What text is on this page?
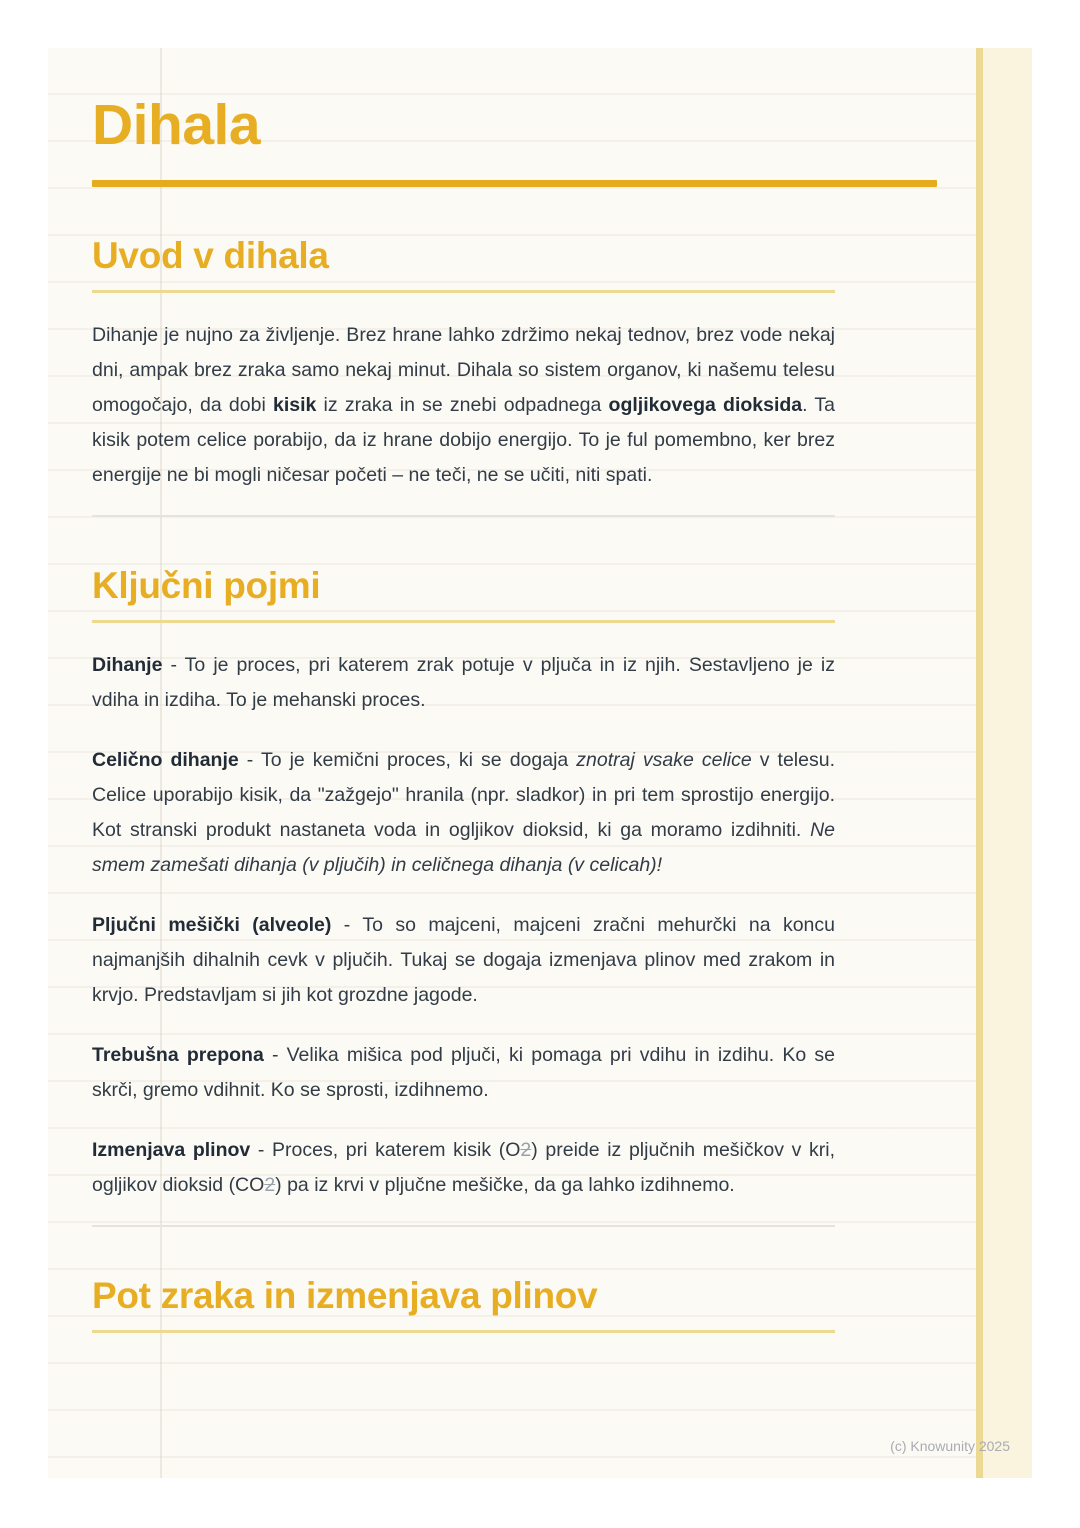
Dihala
Uvod v dihala

Dihanje je nujno za življenje. Brez hrane lahko zdržimo nekaj tednov, brez vode nekaj dni, ampak brez zraka samo nekaj minut. Dihala so sistem organov, ki našemu telesu omogočajo, da dobi kisik iz zraka in se znebi odpadnega ogljikovega dioksida. Ta kisik potem celice porabijo, da iz hrane dobijo energijo. To je ful pomembno, ker brez energije ne bi mogli ničesar početi – ne teči, ne se učiti, niti spati.

Ključni pojmi

Dihanje - To je proces, pri katerem zrak potuje v pljuča in iz njih. Sestavljeno je iz vdiha in izdiha. To je mehanski proces.

Celično dihanje - To je kemični proces, ki se dogaja znotraj vsake celice v telesu. Celice uporabijo kisik, da "zažgejo" hranila (npr. sladkor) in pri tem sprostijo energijo. Kot stranski produkt nastaneta voda in ogljikov dioksid, ki ga moramo izdihniti. Ne smem zamešati dihanja (v pljučih) in celičnega dihanja (v celicah)!

Pljučni mešički (alveole) - To so majceni, majceni zračni mehurčki na koncu najmanjših dihalnih cevk v pljučih. Tukaj se dogaja izmenjava plinov med zrakom in krvjo. Predstavljam si jih kot grozdne jagode.

Trebušna prepona - Velika mišica pod pljuči, ki pomaga pri vdihu in izdihu. Ko se skrči, gremo vdihnit. Ko se sprosti, izdihnemo.

Izmenjava plinov - Proces, pri katerem kisik (O2) preide iz pljučnih mešičkov v kri, ogljikov dioksid (CO2) pa iz krvi v pljučne mešičke, da ga lahko izdihnemo.

Pot zraka in izmenjava plinov
(c) Knowunity 2025
